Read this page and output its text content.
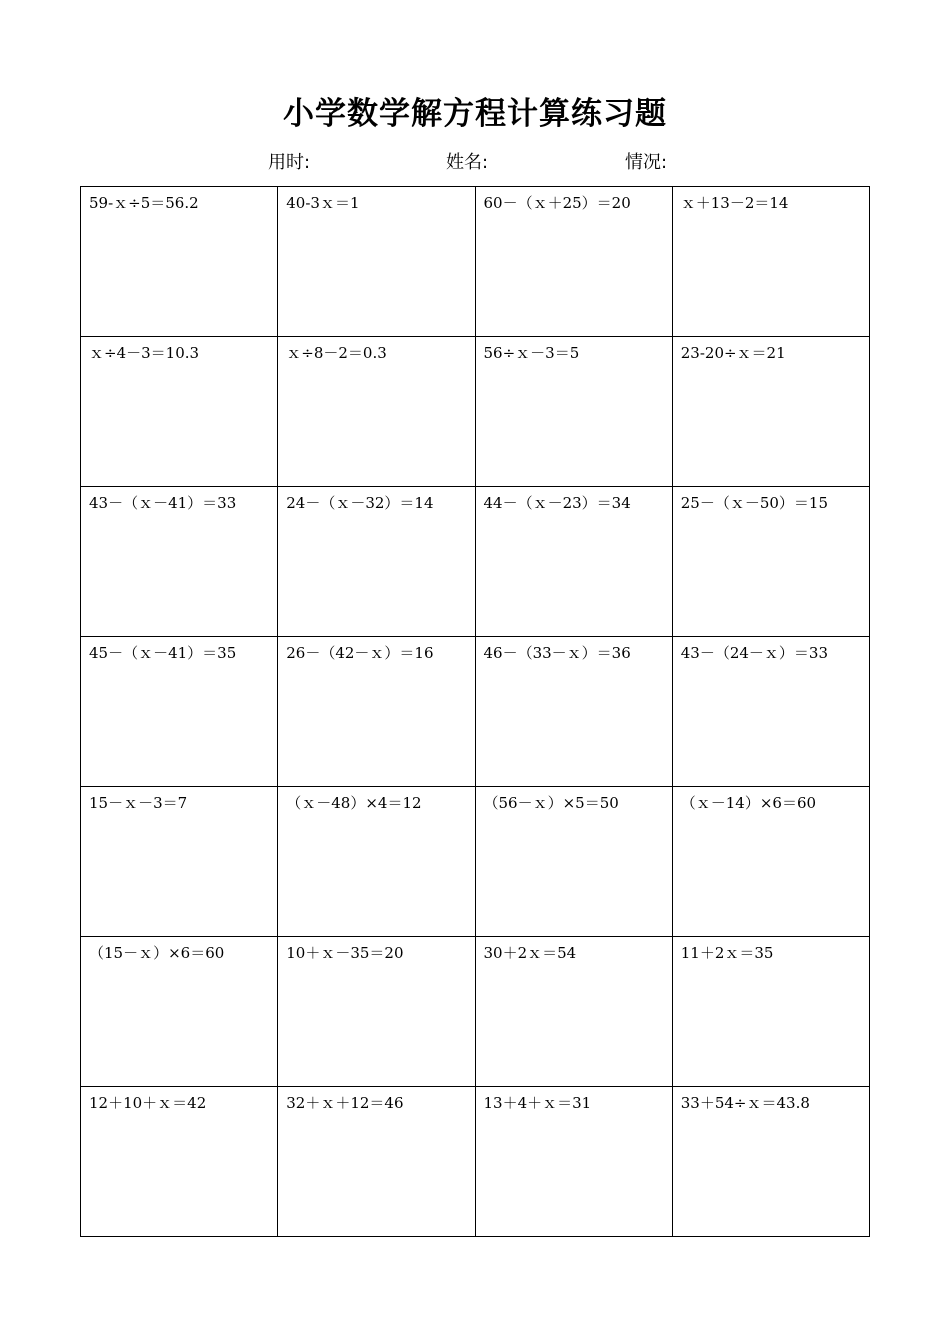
小学数学解方程计算练习题
用时:	姓名:	情况:
59-ｘ÷5＝56.2	40-3ｘ＝1	60－（ｘ＋25）＝20	ｘ＋13－2＝14
ｘ÷4－3＝10.3	ｘ÷8－2＝0.3	56÷ｘ－3＝5	23-20÷ｘ＝21
43－（ｘ－41）＝33	24－（ｘ－32）＝14	44－（ｘ－23）＝34	25－（ｘ－50）＝15
45－（ｘ－41）＝35	26－（42－ｘ）＝16	46－（33－ｘ）＝36	43－（24－ｘ）＝33
15－ｘ－3＝7	（ｘ－48）×4＝12	（56－ｘ）×5＝50	（ｘ－14）×6＝60
（15－ｘ）×6＝60	10＋ｘ－35＝20	30＋2ｘ＝54	11＋2ｘ＝35
12＋10＋ｘ＝42	32＋ｘ＋12＝46	13＋4＋ｘ＝31	33＋54÷ｘ＝43.8
